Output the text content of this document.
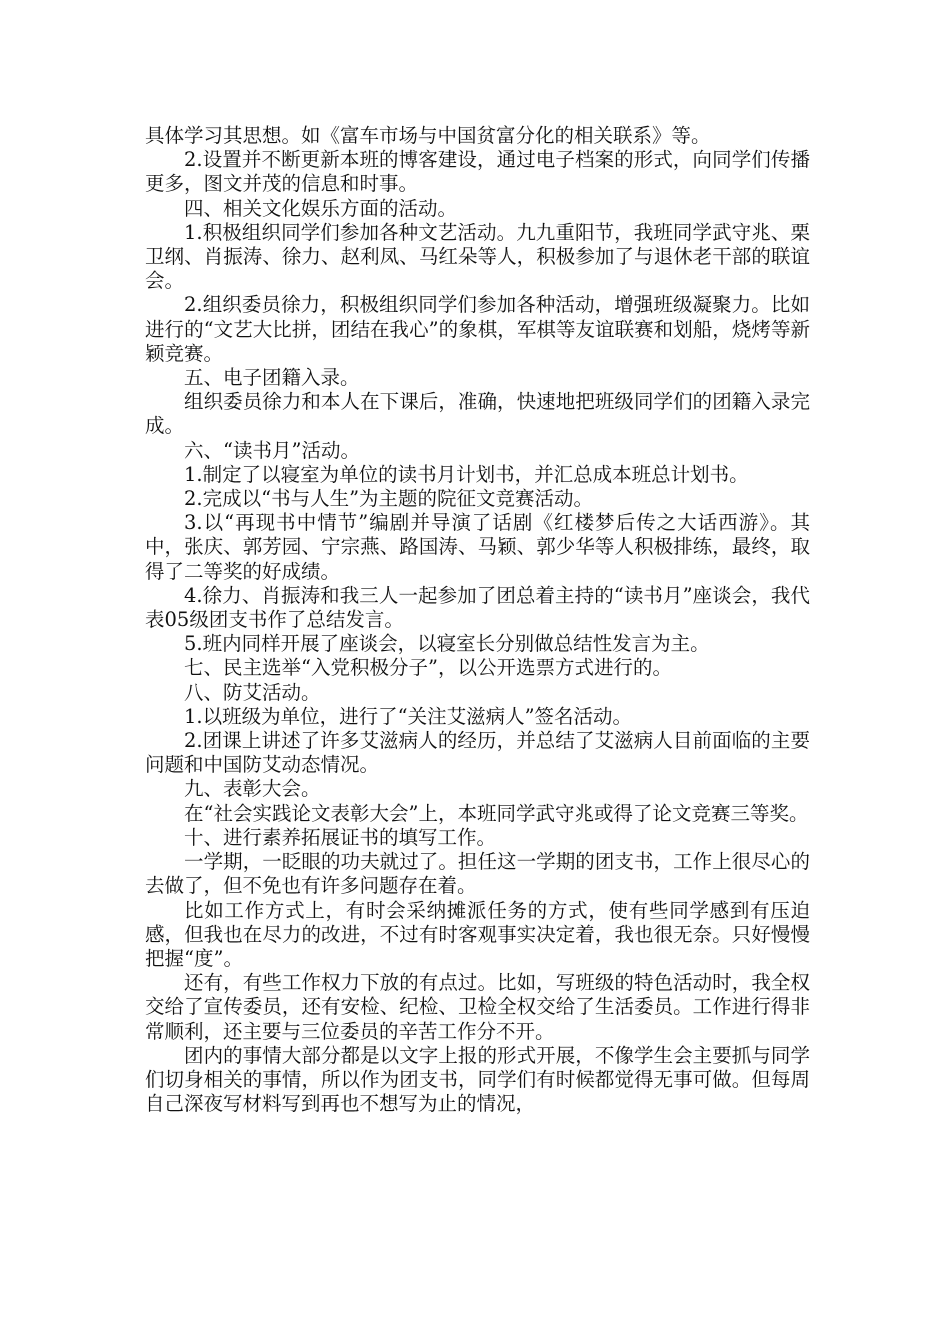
具体学习其思想。如《富车市场与中国贫富分化的相关联系》等。

2.设置并不断更新本班的博客建设，通过电子档案的形式，向同学们传播更多，图文并茂的信息和时事。

四、相关文化娱乐方面的活动。

1.积极组织同学们参加各种文艺活动。九九重阳节，我班同学武守兆、栗卫纲、肖振涛、徐力、赵利凤、马红朵等人，积极参加了与退休老干部的联谊会。

2.组织委员徐力，积极组织同学们参加各种活动，增强班级凝聚力。比如进行的“文艺大比拼，团结在我心”的象棋，军棋等友谊联赛和划船，烧烤等新颖竞赛。

五、电子团籍入录。

组织委员徐力和本人在下课后，准确，快速地把班级同学们的团籍入录完成。

六、“读书月”活动。

1.制定了以寝室为单位的读书月计划书，并汇总成本班总计划书。

2.完成以“书与人生”为主题的院征文竞赛活动。

3.以“再现书中情节”编剧并导演了话剧《红楼梦后传之大话西游》。其中，张庆、郭芳园、宁宗燕、路国涛、马颖、郭少华等人积极排练，最终，取得了二等奖的好成绩。

4.徐力、肖振涛和我三人一起参加了团总着主持的“读书月”座谈会，我代表05级团支书作了总结发言。

5.班内同样开展了座谈会，以寝室长分别做总结性发言为主。

七、民主选举“入党积极分子”，以公开选票方式进行的。

八、防艾活动。

1.以班级为单位，进行了“关注艾滋病人”签名活动。

2.团课上讲述了许多艾滋病人的经历，并总结了艾滋病人目前面临的主要问题和中国防艾动态情况。

九、表彰大会。

在“社会实践论文表彰大会”上，本班同学武守兆或得了论文竞赛三等奖。

十、进行素养拓展证书的填写工作。

一学期，一眨眼的功夫就过了。担任这一学期的团支书，工作上很尽心的去做了，但不免也有许多问题存在着。

比如工作方式上，有时会采纳摊派任务的方式，使有些同学感到有压迫感，但我也在尽力的改进，不过有时客观事实决定着，我也很无奈。只好慢慢把握“度”。

还有，有些工作权力下放的有点过。比如，写班级的特色活动时，我全权交给了宣传委员，还有安检、纪检、卫检全权交给了生活委员。工作进行得非常顺利，还主要与三位委员的辛苦工作分不开。

团内的事情大部分都是以文字上报的形式开展，不像学生会主要抓与同学们切身相关的事情，所以作为团支书，同学们有时候都觉得无事可做。但每周自己深夜写材料写到再也不想写为止的情况，
